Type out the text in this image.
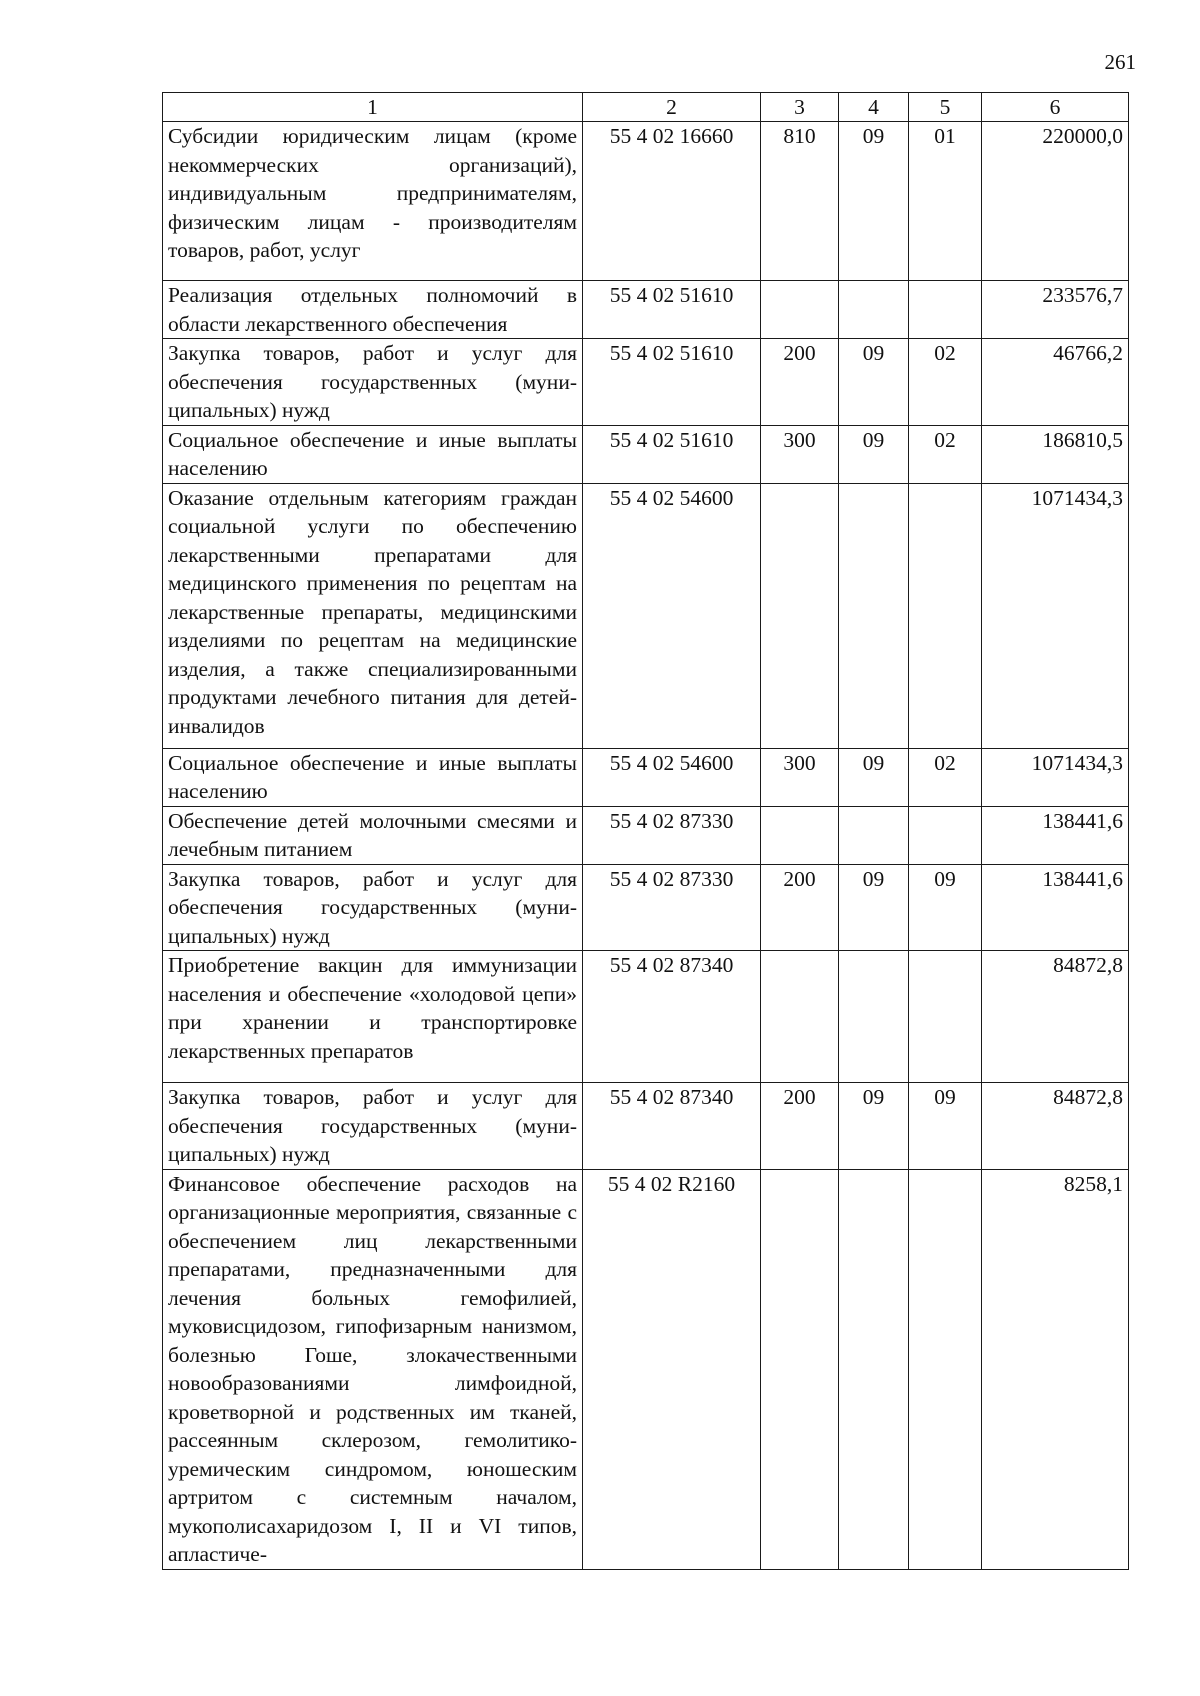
261
1	2	3	4	5	6
Субсидии юридическим лицам (кроме некоммерческих организаций), индивидуальным предпринимателям, физическим лицам - производителям товаров, работ, услуг	55 4 02 16660	810	09	01	220000,0
Реализация отдельных полномочий в области лекарственного обеспечения	55 4 02 51610				233576,7
Закупка товаров, работ и услуг для обеспечения государственных (муниципальных) нужд	55 4 02 51610	200	09	02	46766,2
Социальное обеспечение и иные выплаты населению	55 4 02 51610	300	09	02	186810,5
Оказание отдельным категориям граждан социальной услуги по обеспечению лекарственными препаратами для медицинского применения по рецептам на лекарственные препараты, медицинскими изделиями по рецептам на медицинские изделия, а также специализированными продуктами лечебного питания для детей-инвалидов	55 4 02 54600				1071434,3
Социальное обеспечение и иные выплаты населению	55 4 02 54600	300	09	02	1071434,3
Обеспечение детей молочными смесями и лечебным питанием	55 4 02 87330				138441,6
Закупка товаров, работ и услуг для обеспечения государственных (муниципальных) нужд	55 4 02 87330	200	09	09	138441,6
Приобретение вакцин для иммунизации населения и обеспечение «холодовой цепи» при хранении и транспортировке лекарственных препаратов	55 4 02 87340				84872,8
Закупка товаров, работ и услуг для обеспечения государственных (муниципальных) нужд	55 4 02 87340	200	09	09	84872,8
Финансовое обеспечение расходов на организационные мероприятия, связанные с обеспечением лиц лекарственными препаратами, предназначенными для лечения больных гемофилией, муковисцидозом, гипофизарным нанизмом, болезнью Гоше, злокачественными новообразованиями лимфоидной, кроветворной и родственных им тканей, рассеянным склерозом, гемолитико-уремическим синдромом, юношеским артритом с системным началом, мукополисахаридозом I, II и VI типов, апластиче-	55 4 02 R2160				8258,1
